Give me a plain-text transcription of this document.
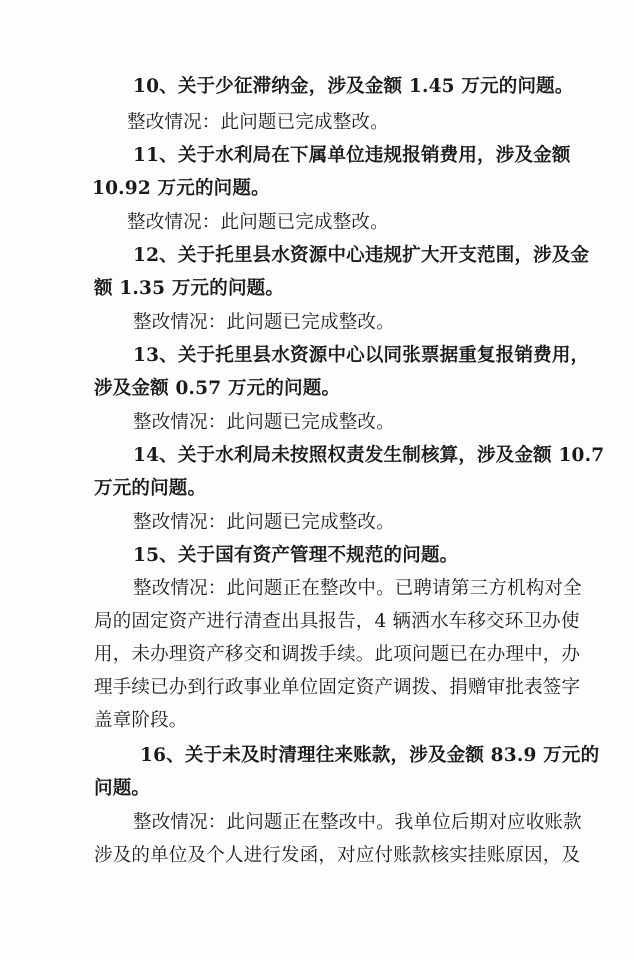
10、关于少征滞纳金，涉及金额 1.45 万元的问题。
整改情况：此问题已完成整改。
11、关于水利局在下属单位违规报销费用，涉及金额
10.92 万元的问题。
整改情况：此问题已完成整改。
12、关于托里县水资源中心违规扩大开支范围，涉及金
额 1.35 万元的问题。
整改情况：此问题已完成整改。
13、关于托里县水资源中心以同张票据重复报销费用，
涉及金额 0.57 万元的问题。
整改情况：此问题已完成整改。
14、关于水利局未按照权责发生制核算，涉及金额 10.7
万元的问题。
整改情况：此问题已完成整改。
15、关于国有资产管理不规范的问题。
整改情况：此问题正在整改中。已聘请第三方机构对全
局的固定资产进行清查出具报告，4 辆洒水车移交环卫办使
用，未办理资产移交和调拨手续。此项问题已在办理中，办
理手续已办到行政事业单位固定资产调拨、捐赠审批表签字
盖章阶段。
16、关于未及时清理往来账款，涉及金额 83.9 万元的
问题。
整改情况：此问题正在整改中。我单位后期对应收账款
涉及的单位及个人进行发函，对应付账款核实挂账原因，及
